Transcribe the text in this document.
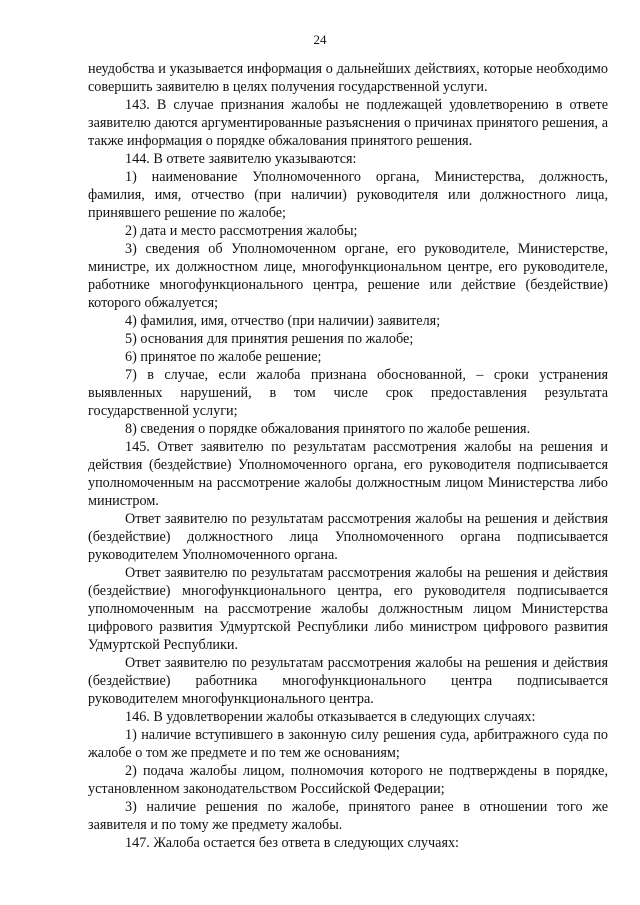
24

неудобства и указывается информация о дальнейших действиях, которые необходимо совершить заявителю в целях получения государственной услуги.

143. В случае признания жалобы не подлежащей удовлетворению в ответе заявителю даются аргументированные разъяснения о причинах принятого решения, а также информация о порядке обжалования принятого решения.

144. В ответе заявителю указываются:

1) наименование Уполномоченного органа, Министерства, должность, фамилия, имя, отчество (при наличии) руководителя или должностного лица, принявшего решение по жалобе;

2) дата и место рассмотрения жалобы;

3) сведения об Уполномоченном органе, его руководителе, Министерстве, министре, их должностном лице, многофункциональном центре, его руководителе, работнике многофункционального центра, решение или действие (бездействие) которого обжалуется;

4) фамилия, имя, отчество (при наличии) заявителя;

5) основания для принятия решения по жалобе;

6) принятое по жалобе решение;

7) в случае, если жалоба признана обоснованной, – сроки устранения выявленных нарушений, в том числе срок предоставления результата государственной услуги;

8) сведения о порядке обжалования принятого по жалобе решения.

145. Ответ заявителю по результатам рассмотрения жалобы на решения и действия (бездействие) Уполномоченного органа, его руководителя подписывается уполномоченным на рассмотрение жалобы должностным лицом Министерства либо министром.

Ответ заявителю по результатам рассмотрения жалобы на решения и действия (бездействие) должностного лица Уполномоченного органа подписывается руководителем Уполномоченного органа.

Ответ заявителю по результатам рассмотрения жалобы на решения и действия (бездействие) многофункционального центра, его руководителя подписывается уполномоченным на рассмотрение жалобы должностным лицом Министерства цифрового развития Удмуртской Республики либо министром цифрового развития Удмуртской Республики.

Ответ заявителю по результатам рассмотрения жалобы на решения и действия (бездействие) работника многофункционального центра подписывается руководителем многофункционального центра.

146. В удовлетворении жалобы отказывается в следующих случаях:

1) наличие вступившего в законную силу решения суда, арбитражного суда по жалобе о том же предмете и по тем же основаниям;

2) подача жалобы лицом, полномочия которого не подтверждены в порядке, установленном законодательством Российской Федерации;

3) наличие решения по жалобе, принятого ранее в отношении того же заявителя и по тому же предмету жалобы.

147. Жалоба остается без ответа в следующих случаях:
